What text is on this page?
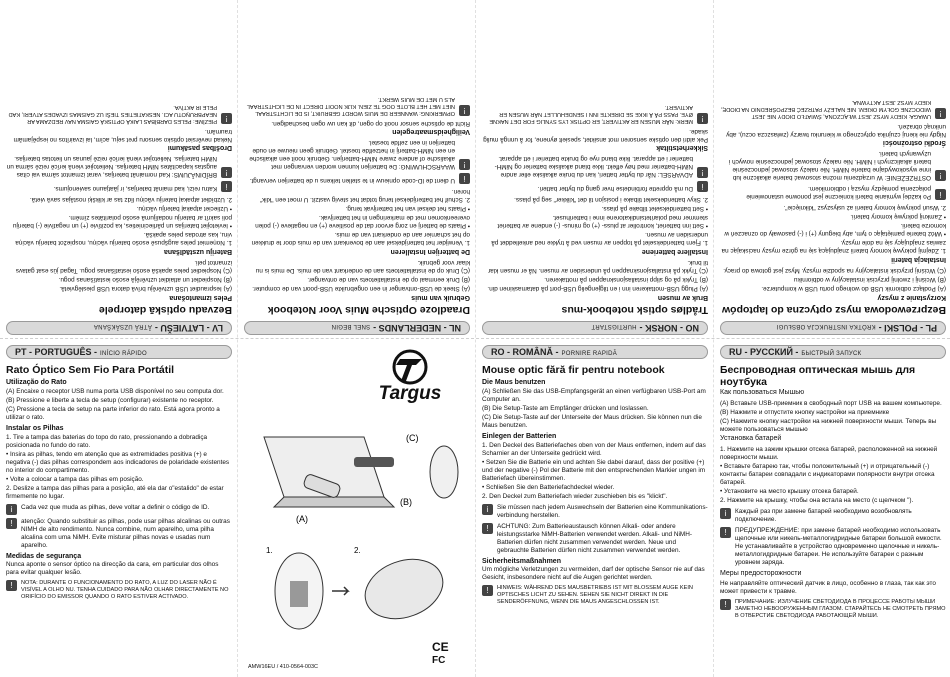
LV - LATVIEŠU -ĀTRĀ UZSĀKŠANA
Bezvadu optiskā datorpele
Peles izmantošana

(A) Iespraudiet USB uztvērēju brīvā datora USB pieslēgvietā.

(B) Nospiediet un atlaidiet uztvērējā esošo iestatīšanas pogu.

(C) Nospiediet peles apakšā esošo iestatīšanas pogu. Tagad jūs esat gatavs izmantot peli.

Bateriju uzstādīšana

1. Noņemiet peles augšpusē esošo bateriju vāciņu, nospiežot bateriju vāciņa viru, kas atrodas peles apakšā.

• Ievietojiet baterijas un pārliecinieties, ka pozitīvie (+) un negatīvie (-) bateriju poli sakrīt ar bateriju nodalījumā esošo polaritātes zīmēm.

• Uzlieciet atpakaļ bateriju vāciņu.

2. Uzbīdiet atpakaļ bateriju vāciņu līdz tas ar klikšķi nostājas savā vietā.

i
Katru reizi, kad maināt baterijas, ir jāatjauno savienojums.
!
BRĪDINĀJUMS: Kad nomaināt baterijas, varat izmantot sārma vai citas augstas kapacitātes NiMH baterijas. Nelietojiet vienā ierīcē reizē sārma un NiMH baterijas. Nelietojiet vienā ierīcē reizē jaunas un lietotas baterijas.
Drošības pasākumi

Nekad nevērsiet optisko sensoru pret seju, acīm, lai izvairītos no iespējamām traumām.

!
PIEZĪME: PELES DARBĪBAS LAIKĀ OPTISKĀ GAISMA NAV REDZAMA AR NEAPBRUŅOTU ACI. NESKATIETIES TIEŠI UZ GAISMAS IZVADES ATVERI, KAD PELE IR AKTĪVA.
NL - NEDERLANDS -SNEL BEGIN
Draadloze Optische Muis Voor Notebook
Gebruik van muis

(A) Steek de USB-ontvanger in een ongebruikte USB-poort van de computer.

(B) Druk eenmaal op de installatietoets van de ontvanger.

(C) Druk op de installatietoets aan de onderkant van de muis. De muis is nu klaar voor gebruik.

De batterijen Installeren

1. Verwijder het batterijdeksel aan de bovenkant van de muis door te drukken op het scharnier aan de onderkant van de muis.

• Plaats de batterij en zorg ervoor dat de positieve (+) en negatieve (-) polen overeenkomen met de markeringen in het batterijvak.

• Plaats het deksel van het batterijvak terug.

2. Schuif het batterijdeksel terug totdat het stevig vastzit. U moet een "klik" horen.

i
U dient de ID-code opnieuw in te stellen telkens u de batterijen vervangt.
!
WAARSCHUWING: De batterijen kunnen worden vervangen met alkalische of andere zware NiMH-batterijen. Gebruik nooit een alkalische en een NiMH-batterij in hetzelfde toestel. Gebruik geen nieuwe en oude batterijen in een zelfde toestel.
Veiligheidsmaatregelen

Richt de optische sensor nooit op ogen, dit kan uw ogen beschadigen.

!
OPMERKING: WANNEER DE MUIS WORDT GEBRUIKT, IS DE LICHTSTRAAL NIET MET HET BLOTE OOG TE ZIEN. KIJK NOOIT DIRECT IN DE LICHTSTRAAL ALS U MET DE MUIS WERKT.
NO - NORSK -HURTIGSTART
Trådløs optisk notebook-mus
Bruk av musen

(A) Plugg USB-mottakeren inn i en tilgjengelig USB-port på datamaskinen din.

(B) Trykk på og slipp installasjonsknappen på mottakeren.

(C) Trykk på installasjonsknappen på undersiden av musen. Nå er musen klar til bruk.

Installere batteriene

1. Fjern batteridekselet på toppen av musen ved å trykke ned ankelleddet på undersiden av musen.

• Sett inn batteriet, kontroller at pluss- (+) og minus- (-) endene av batteriet stemmer med polaritetsindikatorene inne i batterihuset.

• Sett batteridekselet tilbake på plass.

2. Skyv batteridekselet tilbake i posisjon til det "klikker" seg på plass.

i
Du må opprette forbindelse hver gang du bytter batteri.
!
ADVARSEL: Når du bytter batteri, kan du bruke alkaliske eller andre NiMH-batterier med høy effekt. Ikke bland alkaliske batterier og NiMH-batterier i ett apparat. Ikke bland nye og brukte batterier i ett apparat.
Sikkerhetstiltak

Pek aldri den optiske sensoren mot ansiktet, spesielt øynene, for å unngå mulig skade.

!
MERK: NÅR MUSEN ER AKTIVERT, ER OPTISK LYS SYNLIG FOR DET NAKNE ØYE. PASS PÅ Å IKKE SE DIREKTE INN I SENDEHULLET NÅR MUSEN ER AKTIVERT.
PL - POLSKI -KRÓTKA INSTRUKCJA OBSŁUGI
Bezprzewodowa mysz optyczna do laptopów
Korzystanie z myszy

(A) Podłącz odbiornik USB do wolnego portu USB w komputerze.

(B) Wciśnij i zwolnij przycisk instalacyjny w odbiorniku

(C) Wciśnij przycisk instalacyjny na spodzie myszy. Mysz jest gotowa do pracy.

Instalacja baterii

1. Zdejmij pokrywę komory baterii znajdującą się na górze myszy naciskając na zawias znajdujący się na dole myszy.

• Włóż baterie pamiętając o tym, aby bieguny (+) i (-) pasowały do oznaczeń w komorze baterii.

• Zamknij pokrywę komory baterii.

2. Wsuń pokrywę komory baterii aż usłyszysz "kliknięcie".

i
Po każdej wymianie baterii konieczne jest ponowne ustanowienie połączenia pomiędzy myszą i odbiornikiem.
!
OSTRZEŻENIE: W urządzeniu można stosować baterie alkaliczne lub inne wysokowydajne baterie NiMH. Nie należy stosować jednocześnie baterii alkalicznych i NiMH. Nie należy stosować jednocześnie nowych i używanych baterii.
Środki ostrożności

Nigdy nie kieruj czujnika optycznego w kierunku twarzy (zwłaszcza oczu), aby uniknąć obrażeń.

!
UWAGA: KIEDY MYSZ JEST WŁĄCZONA, ŚWIATŁO DIODY NIE JEST WIDOCZNE GOŁYM OKIEM. NIE NALEŻY PATRZEĆ BEZPOŚREDNIO NA DIODĘ, KIEDY MYSZ JEST AKTYWNA.
PT - PORTUGUÊS - INÍCIO RÁPIDO
Rato Óptico Sem Fio Para Portátil
Utilização do Rato

(A) Encaixe o receptor USB numa porta USB disponível no seu computa dor.

(B) Pressione e liberte a tecla de setup (configurar) existente no receptor.

(C) Pressione a tecla de setup na parte inferior do rato. Está agora pronto a utilizar o rato.

Instalar os Pilhas

1. Tire a tampa das baterias do topo do rato, pressionando a dobradiça posicionada no fundo do rato.

• Insira as pilhas, tendo em atenção que as extremidades positiva (+) e negativa (-) das pilhas correspondem aos indicadores de polaridade existentes no interior do compartimento.

• Volte a colocar a tampa das pilhas em posição.

2. Deslize a tampa das pilhas para a posição, até ela dar o"estalido" de estar firmemente no lugar.

i	Cada vez que muda as pilhas, deve voltar a definir o código de ID.
!	atenção: Quando substituir as pilhas, pode usar pilhas alcalinas ou outras NIMH de alto rendimento. Nunca combine, num aparelho, uma pilha alcalina com uma NiMH. Evite misturar pilhas novas e usadas num aparelho.
Medidas de segurança

Nunca aponte o sensor óptico na direcção da cara, em particular dos olhos para evitar qualquer lesão.

!	NOTA: DURANTE O FUNCIONAMENTO DO RATO, A LUZ DO LASER NÃO É VISÍVEL A OLHO NU. TENHA CUIDADO PARA NÃO OLHAR DIRECTAMENTE NO ORIFÍCIO DO EMISSOR QUANDO O RATO ESTIVER ACTIVADO.
Targus
(A)
(B)
(C)
1.	2.
CE
FC
AMW16EU / 410-0564-003C
RO - ROMÂNĂ - PORNIRE RAPIDĂ
Mouse optic fără fir pentru notebook
Die Maus benutzen

(A) Schließen Sie das USB-Empfangsgerät an einen verfügbaren USB-Port am Computer an.

(B) Die Setup-Taste am Empfänger drücken und loslassen.

(C) Die Setup-Taste auf der Unterseite der Maus drücken. Sie können nun die Maus benutzen.

Einlegen der Batterien

1. Den Deckel des Batteriefaches oben von der Maus entfernen, indem auf das Scharnier an der Unterseite gedrückt wird.

• Setzen Sie die Batterie ein und achten Sie dabei darauf, dass der positive (+) und der negative (-) Pol der Batterie mit den entsprechenden Markier ungen im Batteriefach übereinstimmen.

• Schließen Sie den Batteriefachdeckel wieder.

2. Den Deckel zum Batteriefach wieder zuschieben bis es "klickt".

i	Sie müssen nach jedem Auswechseln der Batterien eine Kommunikations-verbindung herstellen.
!	ACHTUNG: Zum Batterieaustausch können Alkali- oder andere leistungsstarke NiMH-Batterien verwendet werden. Alkali- und NiMH-Batterien dürfen nicht zusammen verwendet werden. Neue und gebrauchte Batterien dürfen nicht zusammen verwendet werden.
Sicherheitsmaßnahmen

Um mögliche Verletzungen zu vermeiden, darf der optische Sensor nie auf das Gesicht, insbesondere nicht auf die Augen gerichtet werden.

!	HINWEIS: WÄHREND DES MAUSBETRIEBS IST MIT BLOSSEM AUGE KEIN OPTISCHES LICHT ZU SEHEN. SEHEN SIE NICHT DIREKT IN DIE SENDERÖFFNUNG, WENN DIE MAUS ANGESCHLOSSEN IST.
RU - РУССКИЙ - БЫСТРЫЙ ЗАПУСК
Беспроводная оптическая мышь для ноутбука
Как пользоваться Мышью

(A) Вставьте USB-приемник в свободный порт USB на вашем компьютере.

(B) Нажмите и отпустите кнопку настройки на приемнике

(C) Нажмите кнопку настройки на нижней поверхности мыши. Теперь вы можете пользоваться мышью

Установка батарей

1. Нажмите на зажим крышки отсека батарей, расположенной на нижней поверхности мыши.

• Вставьте батарею так, чтобы положительный (+) и отрицательный (-) контакты батареи совпадали с индикаторами полярности внутри отсека батарей.

• Установите на место крышку отсека батарей.

2. Нажмите на крышку, чтобы она встала на место (с щелчком ").

i	Каждый раз при замене батарей необходимо возобновлять подключение.
!	ПРЕДУПРЕЖДЕНИЕ: при замене батарей необходимо использовать щелочные или никель-металлогидридные батареи большой емкости. Не устанавливайте в устройство одновременно щелочные и никель-металлогидридные батареи. Не используйте батареи с разным уровнем заряда.
Меры предосторожности

Не направляйте оптический датчик в лицо, особенно в глаза, так как это может привести к травме.

!	ПРИМЕЧАНИЕ: ИЗЛУЧЕНИЕ СВЕТОДИОДА В ПРОЦЕССЕ РАБОТЫ МЫШИ ЗАМЕТНО НЕВООРУЖЕННЫМ ГЛАЗОМ. СТАРАЙТЕСЬ НЕ СМОТРЕТЬ ПРЯМО В ОТВЕРСТИЕ СВЕТОДИОДА РАБОТАЮЩЕЙ МЫШИ.
